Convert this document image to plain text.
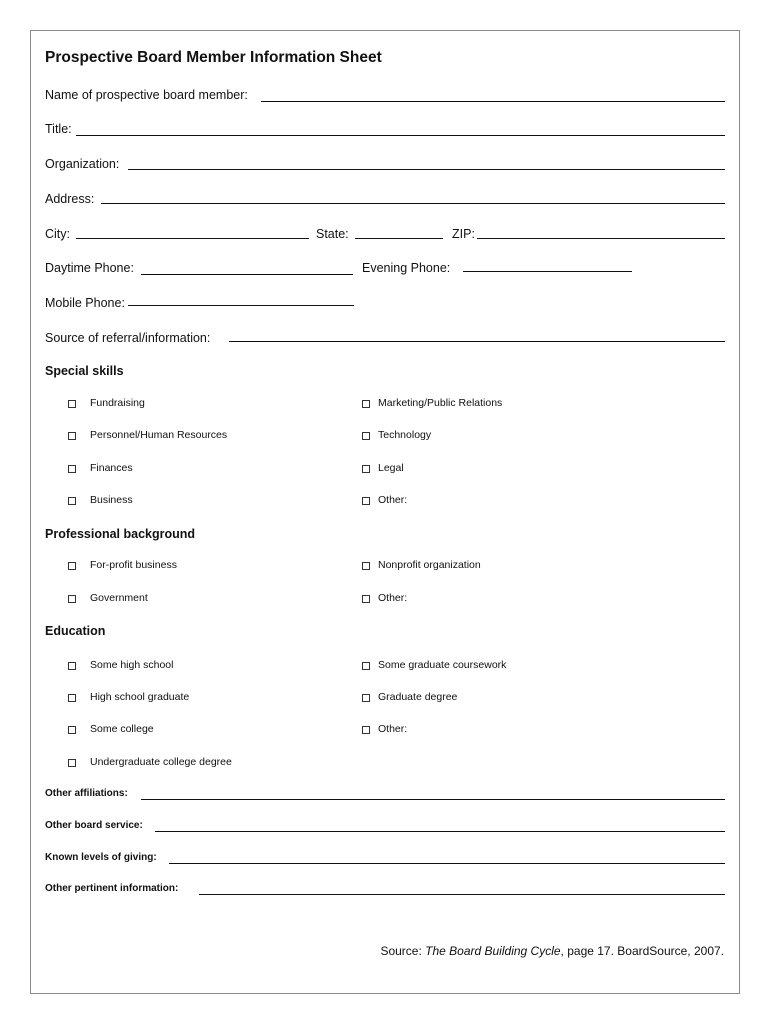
Prospective Board Member Information Sheet
Name of prospective board member:
Title:
Organization:
Address:
City:	State:	ZIP:
Daytime Phone:	Evening Phone:
Mobile Phone:
Source of referral/information:
Special skills
Fundraising	Marketing/Public Relations
Personnel/Human Resources	Technology
Finances	Legal
Business	Other:
Professional background
For-profit business	Nonprofit organization
Government	Other:
Education
Some high school	Some graduate coursework
High school graduate	Graduate degree
Some college	Other:
Undergraduate college degree
Other affiliations:
Other board service:
Known levels of giving:
Other pertinent information:
Source: The Board Building Cycle, page 17. BoardSource, 2007.
